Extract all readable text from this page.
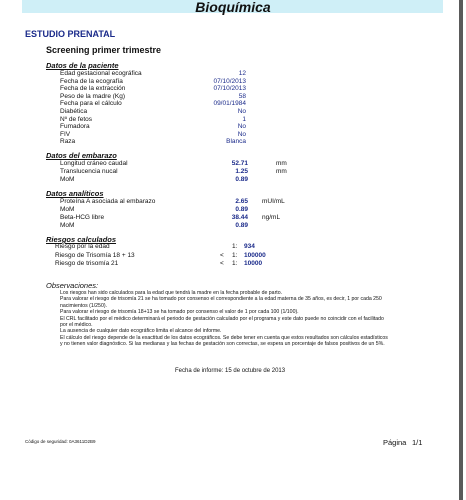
Bioquímica
ESTUDIO PRENATAL
Screening primer trimestre
Datos de la paciente
Edad gestacional ecográfica	12
Fecha de la ecografía	07/10/2013
Fecha de la extracción	07/10/2013
Peso de la madre (Kg)	58
Fecha para el cálculo	09/01/1984
Diabética	No
Nº de fetos	1
Fumadora	No
FIV	No
Raza	Blanca
Datos del embarazo
Longitud cráneo caudal	52.71	mm
Translucencia nucal	1.25	mm
MoM	0.89
Datos analíticos
Proteína A asociada al embarazo	2.65 mUI/mL
MoM	0.89
Beta-HCG libre	38.44 ng/mL
MoM	0.89
Riesgos calculados
Riesgo por la edad	1: 934
Riesgo de Trisomía 18 + 13	< 1: 100000
Riesgo de trisomía 21	< 1: 10000
Observaciones:
Los riesgos han sido calculados para la edad que tendrá la madre en la fecha probable de parto.
Para valorar el riesgo de trisomía 21 se ha tomado por consenso el correspondiente a la edad materna de 35 años, es decir, 1 por cada 250 nacimientos (1/250).
Para valorar el riesgo de trisomía 18+13 se ha tomado por consenso el valor de 1 por cada 100 (1/100).
El CRL facilitado por el médico determinará el periodo de gestación calculado por el programa y este dato puede no coincidir con el facilitado por el médico.
La ausencia de cualquier dato ecográfico limita el alcance del informe.
El cálculo del riesgo depende de la exactitud de los datos ecográficos. Se debe tener en cuenta que estos resultados son cálculos estadísticos y no tienen valor diagnóstico. Si las medianas y las fechas de gestación son correctas, se espera un porcentaje de falsos positivos de un 5%.
Fecha de informe: 15 de octubre de 2013
Código de seguridad: 0A3611D2B9	Página 1/1
